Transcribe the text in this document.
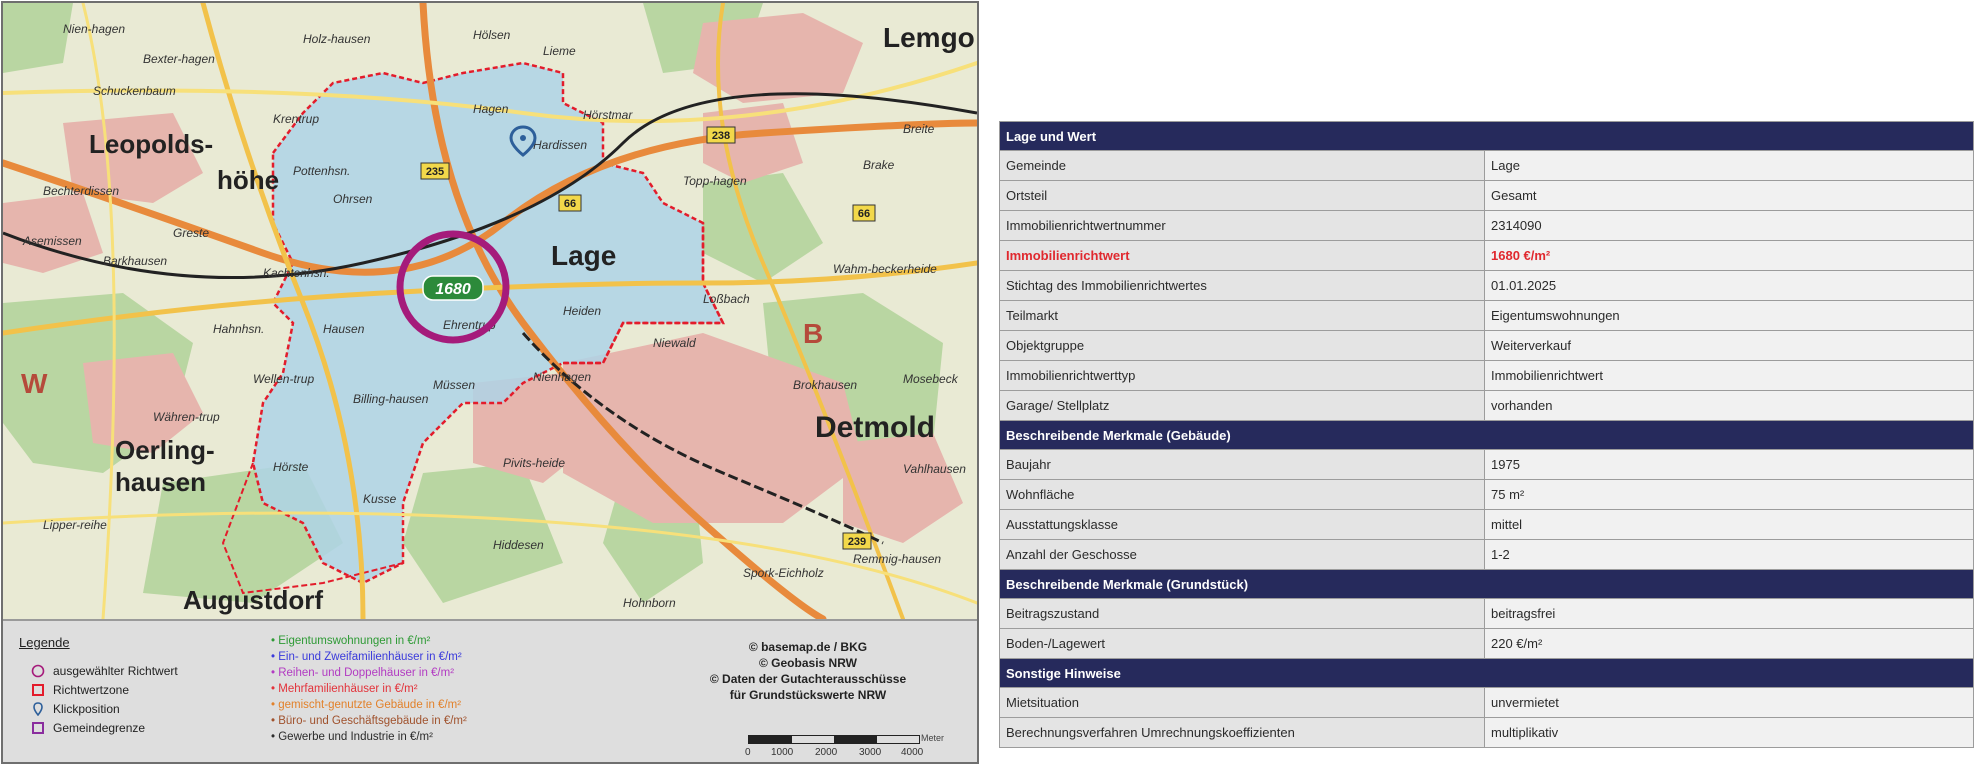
238
235
66
66
239
Nien-hagen
Bexter-hagen
Holz-hausen	Hölsen
Lieme
Schuckenbaum
Hagen	Hörstmar
Breite
Hardissen
Krentrup
Pottenhsn.	Brake
Bechterdissen
Ohrsen
Topp-hagen
Asemissen
Greste
Barkhausen
Kachtenhsn.	Wahm-beckerheide
Heiden
Hahnhsn.	Hausen	Ehrentrup
Loßbach
Niewald
Müssen
Billing-hausen
Wellen-trup
Währen-trup
Nienhagen
Brokhausen	Mosebeck
Hörste	Pivits-heide
Kusse
Vahlhausen
Lipper-reihe
Hiddesen
Remmig-hausen
Spork-Eichholz
Hohnborn
Lemgo
Leopolds-
höhe
Lage
Detmold
Oerling-
hausen
Augustdorf
B
W
1680
Legende
ausgewählter Richtwert
Richtwertzone
Klickposition
Gemeindegrenze
• Eigentumswohnungen in €/m²
• Ein- und Zweifamilienhäuser in €/m²
• Reihen- und Doppelhäuser in €/m²
• Mehrfamilienhäuser in €/m²
• gemischt-genutzte Gebäude in €/m²
• Büro- und Geschäftsgebäude in €/m²
• Gewerbe und Industrie in €/m²
© basemap.de / BKG
© Geobasis NRW
© Daten der Gutachterausschüsse
für Grundstückswerte NRW
Meter
0 1000 2000 3000 4000
Lage und Wert	
Gemeinde	Lage
Ortsteil	Gesamt
Immobilienrichtwertnummer	2314090
Immobilienrichtwert	1680 €/m²
Stichtag des Immobilienrichtwertes	01.01.2025
Teilmarkt	Eigentumswohnungen
Objektgruppe	Weiterverkauf
Immobilienrichtwerttyp	Immobilienrichtwert
Garage/ Stellplatz	vorhanden
Beschreibende Merkmale (Gebäude)	
Baujahr	1975
Wohnfläche	75 m²
Ausstattungsklasse	mittel
Anzahl der Geschosse	1-2
Beschreibende Merkmale (Grundstück)	
Beitragszustand	beitragsfrei
Boden-/Lagewert	220 €/m²
Sonstige Hinweise	
Mietsituation	unvermietet
Berechnungsverfahren Umrechnungskoeffizienten	multiplikativ
